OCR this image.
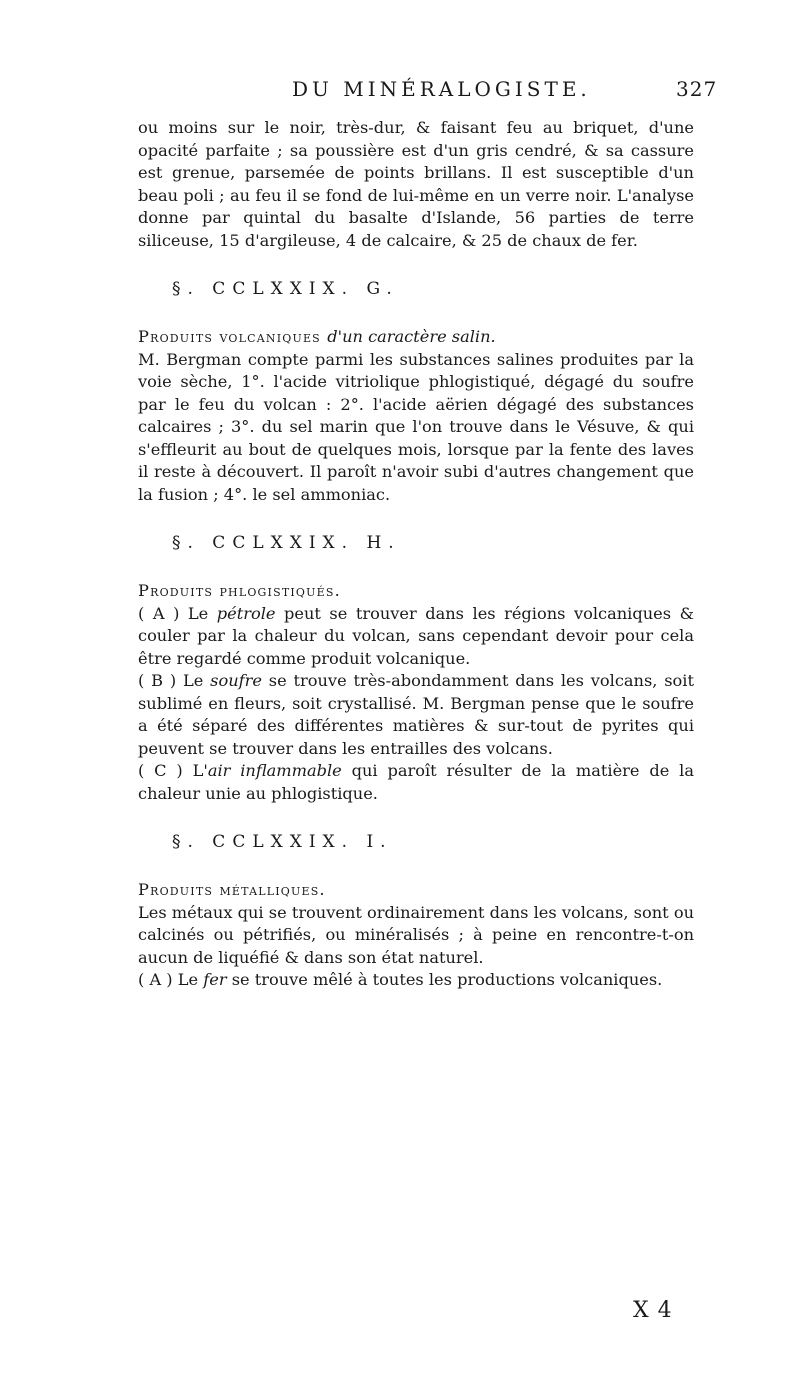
DU MINÉRALOGISTE.	327

ou moins sur le noir, très-dur, & faisant feu au briquet, d'une opacité parfaite ; sa poussière est d'un gris cendré, & sa cassure est grenue, parsemée de points brillans. Il est susceptible d'un beau poli ; au feu il se fond de lui-même en un verre noir. L'analyse donne par quintal du basalte d'Islande, 56 parties de terre siliceuse, 15 d'argileuse, 4 de calcaire, & 25 de chaux de fer.

§. CCLXXIX. G.

Produits volcaniques d'un caractère salin.

M. Bergman compte parmi les substances salines produites par la voie sèche, 1°. l'acide vitriolique phlogistiqué, dégagé du soufre par le feu du volcan : 2°. l'acide aërien dégagé des substances calcaires ; 3°. du sel marin que l'on trouve dans le Vésuve, & qui s'effleurit au bout de quelques mois, lorsque par la fente des laves il reste à découvert. Il paroît n'avoir subi d'autres changement que la fusion ; 4°. le sel ammoniac.

§. CCLXXIX. H.

Produits phlogistiqués.

( A ) Le pétrole peut se trouver dans les régions volcaniques & couler par la chaleur du volcan, sans cependant devoir pour cela être regardé comme produit volcanique.

( B ) Le soufre se trouve très-abondamment dans les volcans, soit sublimé en fleurs, soit crystallisé. M. Bergman pense que le soufre a été séparé des différentes matières & sur-tout de pyrites qui peuvent se trouver dans les entrailles des volcans.

( C ) L'air inflammable qui paroît résulter de la matière de la chaleur unie au phlogistique.

§. CCLXXIX. I.

Produits métalliques.

Les métaux qui se trouvent ordinairement dans les volcans, sont ou calcinés ou pétrifiés, ou minéralisés ; à peine en rencontre-t-on aucun de liquéfié & dans son état naturel.

( A ) Le fer se trouve mêlé à toutes les productions volcaniques.

X 4
